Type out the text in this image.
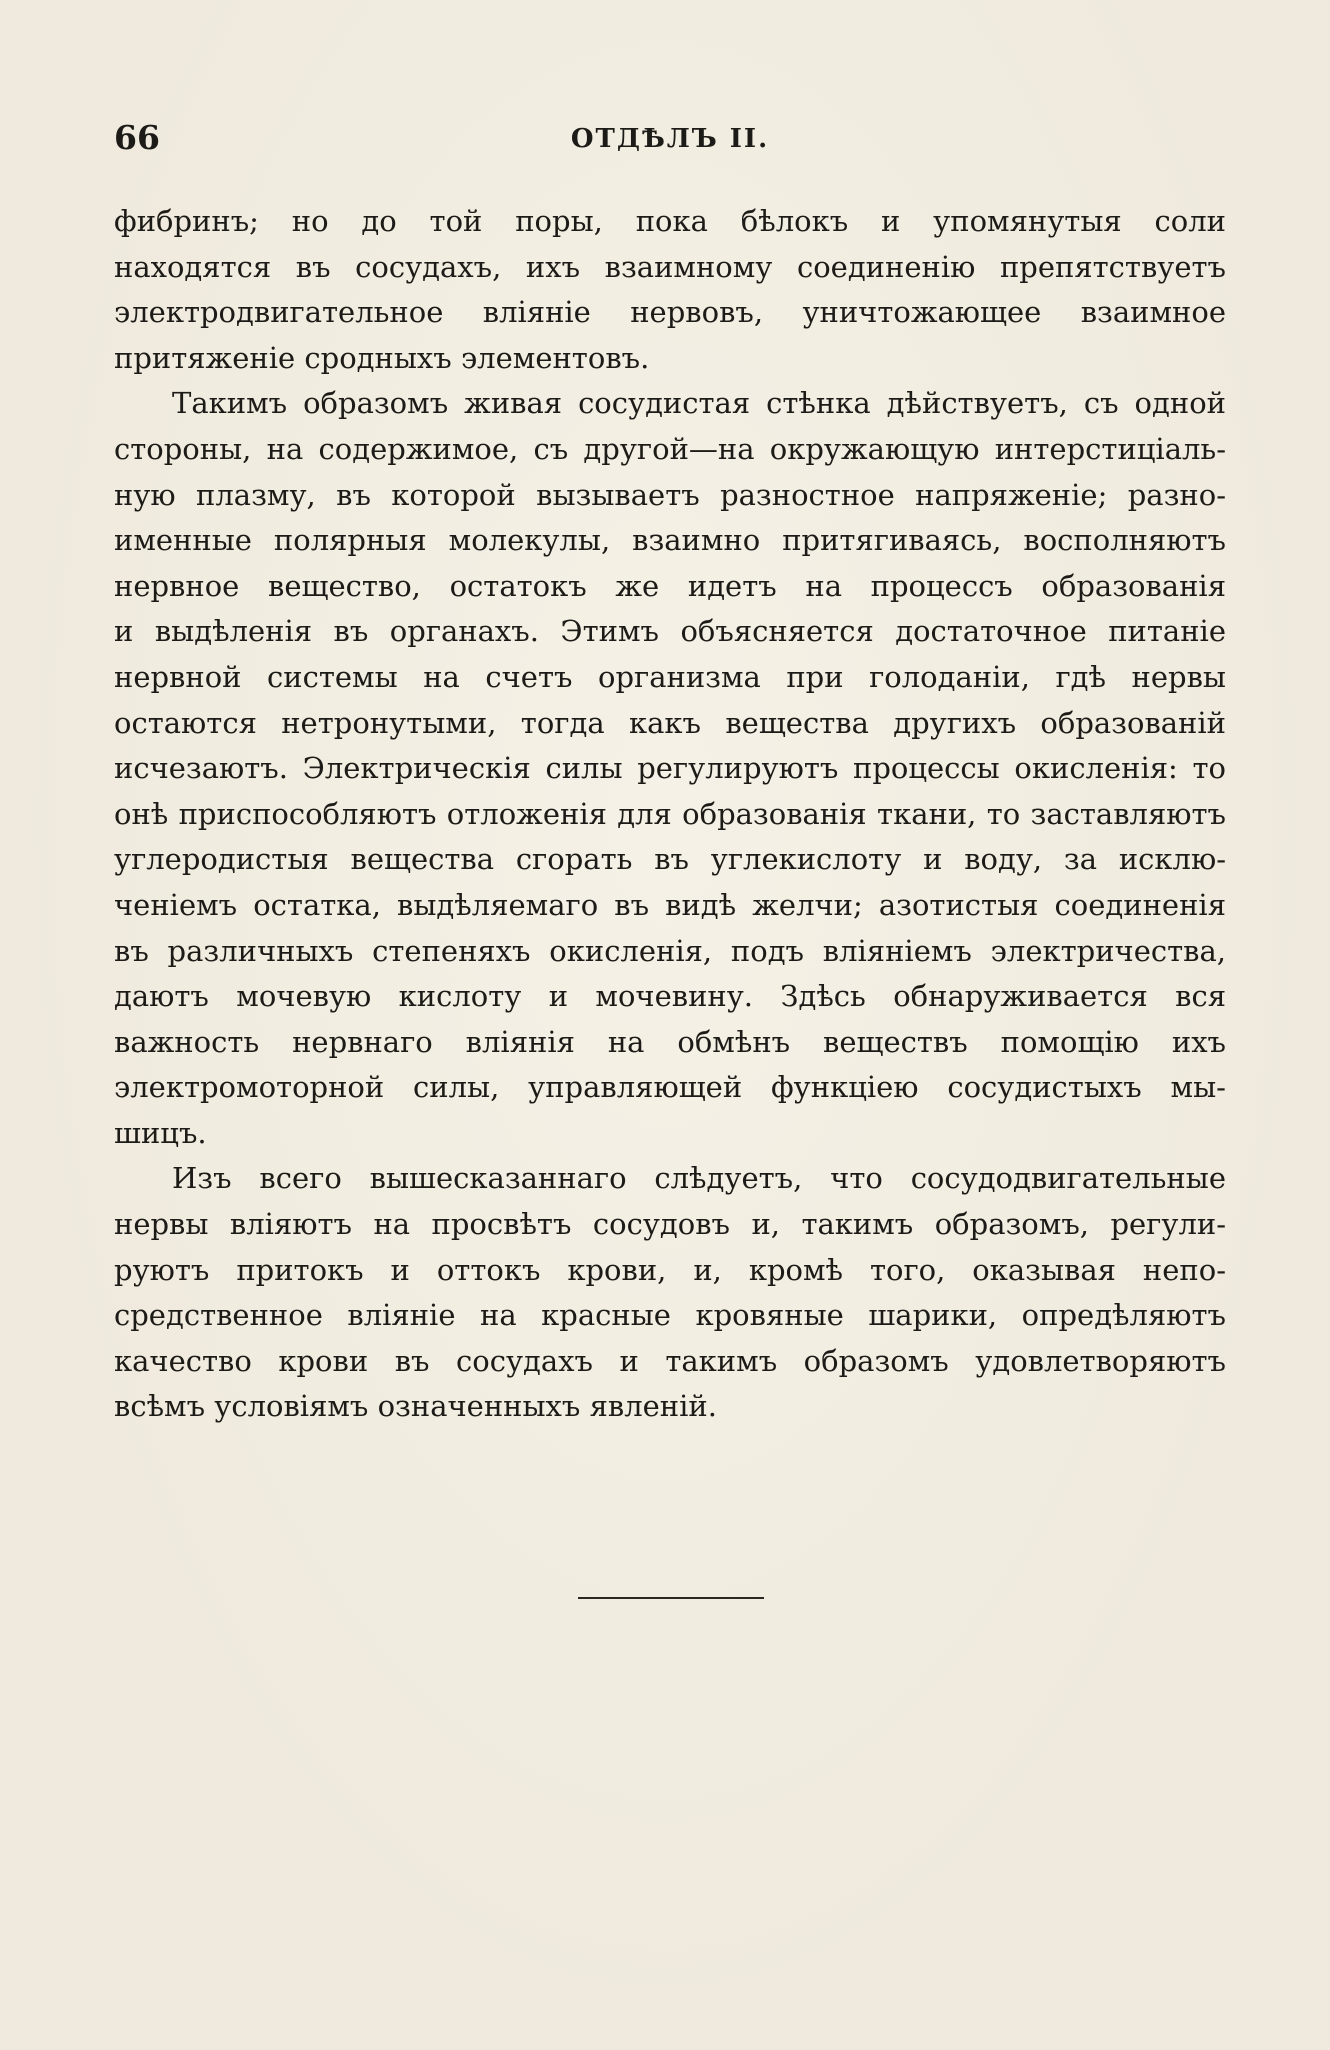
66	ОТДѢЛЪ II.

фибринъ; но до той поры, пока бѣлокъ и упомянутыя соли
находятся въ сосудахъ, ихъ взаимному соединенію препятствуетъ
электродвигательное вліяніе нервовъ, уничтожающее взаимное
притяженіе сродныхъ элементовъ.

Такимъ образомъ живая сосудистая стѣнка дѣйствуетъ, съ одной
стороны, на содержимое, съ другой—на окружающую интерстиціаль-
ную плазму, въ которой вызываетъ разностное напряженіе; разно-
именные полярныя молекулы, взаимно притягиваясь, восполняютъ
нервное вещество, остатокъ же идетъ на процессъ образованія
и выдѣленія въ органахъ. Этимъ объясняется достаточное питаніе
нервной системы на счетъ организма при голоданіи, гдѣ нервы
остаются нетронутыми, тогда какъ вещества другихъ образованій
исчезаютъ. Электрическія силы регулируютъ процессы окисленія: то
онѣ приспособляютъ отложенія для образованія ткани, то заставляютъ
углеродистыя вещества сгорать въ углекислоту и воду, за исклю-
ченіемъ остатка, выдѣляемаго въ видѣ желчи; азотистыя соединенія
въ различныхъ степеняхъ окисленія, подъ вліяніемъ электричества,
даютъ мочевую кислоту и мочевину. Здѣсь обнаруживается вся
важность нервнаго вліянія на обмѣнъ веществъ помощію ихъ
электромоторной силы, управляющей функціею сосудистыхъ мы-
шицъ.

Изъ всего вышесказаннаго слѣдуетъ, что сосудодвигательные
нервы вліяютъ на просвѣтъ сосудовъ и, такимъ образомъ, регули-
руютъ притокъ и оттокъ крови, и, кромѣ того, оказывая непо-
средственное вліяніе на красные кровяные шарики, опредѣляютъ
качество крови въ сосудахъ и такимъ образомъ удовлетворяютъ
всѣмъ условіямъ означенныхъ явленій.
